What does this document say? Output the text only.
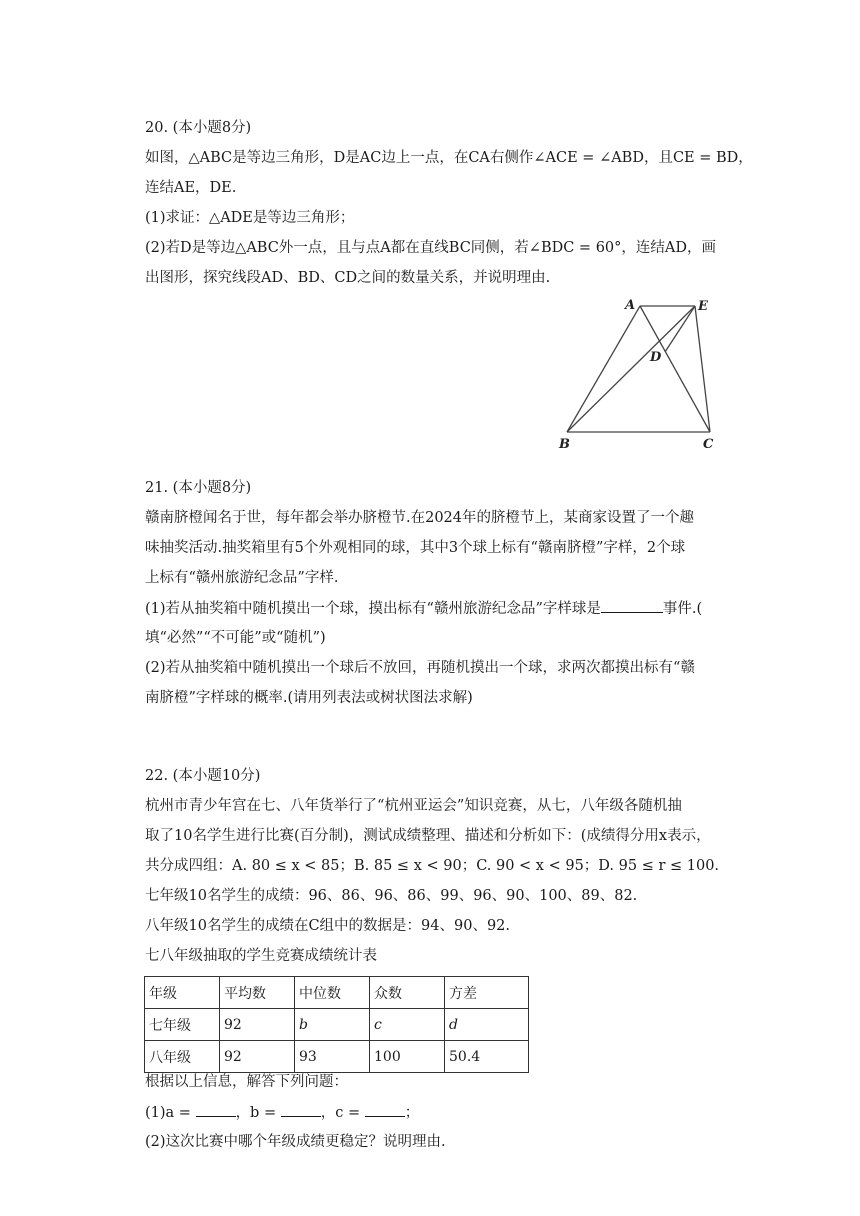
20. (本小题8分)
如图，△ABC是等边三角形，D是AC边上一点，在CA右侧作∠ACE = ∠ABD，且CE = BD，
连结AE，DE.
(1)求证：△ADE是等边三角形；
(2)若D是等边△ABC外一点，且与点A都在直线BC同侧，若∠BDC = 60°，连结AD，画
出图形，探究线段AD、BD、CD之间的数量关系，并说明理由.
A	E
D
B	C
21. (本小题8分)
赣南脐橙闻名于世，每年都会举办脐橙节.在2024年的脐橙节上，某商家设置了一个趣
味抽奖活动.抽奖箱里有5个外观相同的球，其中3个球上标有“赣南脐橙”字样，2个球
上标有“赣州旅游纪念品”字样.
(1)若从抽奖箱中随机摸出一个球，摸出标有“赣州旅游纪念品”字样球是	事件.(
填“必然”“不可能”或“随机”)
(2)若从抽奖箱中随机摸出一个球后不放回，再随机摸出一个球，求两次都摸出标有“赣
南脐橙”字样球的概率.(请用列表法或树状图法求解)
22. (本小题10分)
杭州市青少年宫在七、八年货举行了“杭州亚运会”知识竞赛，从七，八年级各随机抽
取了10名学生进行比赛(百分制)，测试成绩整理、描述和分析如下：(成绩得分用x表示，
共分成四组：A. 80 ≤ x < 85；B. 85 ≤ x < 90；C. 90 < x < 95；D. 95 ≤ r ≤ 100.
七年级10名学生的成绩：96、86、96、86、99、96、90、100、89、82.
八年级10名学生的成绩在C组中的数据是：94、90、92.
七八年级抽取的学生竞赛成绩统计表
年级	平均数	中位数	众数	方差
七年级	92	b	c	d
八年级	92	93	100	50.4
根据以上信息，解答下列问题：
(1)a =	，b =	，c =	；
(2)这次比赛中哪个年级成绩更稳定？说明理由.
